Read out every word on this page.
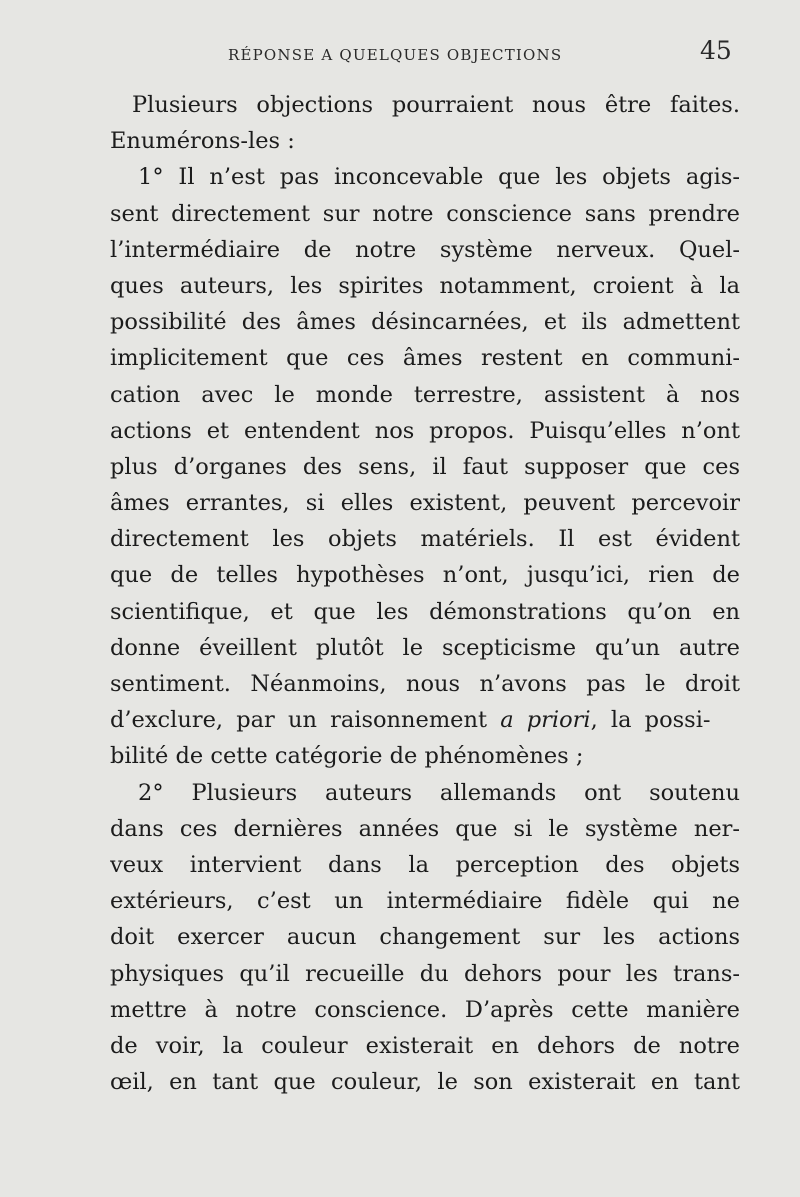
RÉPONSE A QUELQUES OBJECTIONS	45
Plusieurs objections pourraient nous être faites.
Enumérons-les :
1° Il n’est pas inconcevable que les objets agis-
sent directement sur notre conscience sans prendre
l’intermédiaire de notre système nerveux. Quel-
ques auteurs, les spirites notamment, croient à la
possibilité des âmes désincarnées, et ils admettent
implicitement que ces âmes restent en communi-
cation avec le monde terrestre, assistent à nos
actions et entendent nos propos. Puisqu’elles n’ont
plus d’organes des sens, il faut supposer que ces
âmes errantes, si elles existent, peuvent percevoir
directement les objets matériels. Il est évident
que de telles hypothèses n’ont, jusqu’ici, rien de
scientifique, et que les démonstrations qu’on en
donne éveillent plutôt le scepticisme qu’un autre
sentiment. Néanmoins, nous n’avons pas le droit
d’exclure, par un raisonnement a priori, la possi-
bilité de cette catégorie de phénomènes ;
2° Plusieurs auteurs allemands ont soutenu
dans ces dernières années que si le système ner-
veux intervient dans la perception des objets
extérieurs, c’est un intermédiaire fidèle qui ne
doit exercer aucun changement sur les actions
physiques qu’il recueille du dehors pour les trans-
mettre à notre conscience. D’après cette manière
de voir, la couleur existerait en dehors de notre
œil, en tant que couleur, le son existerait en tant
